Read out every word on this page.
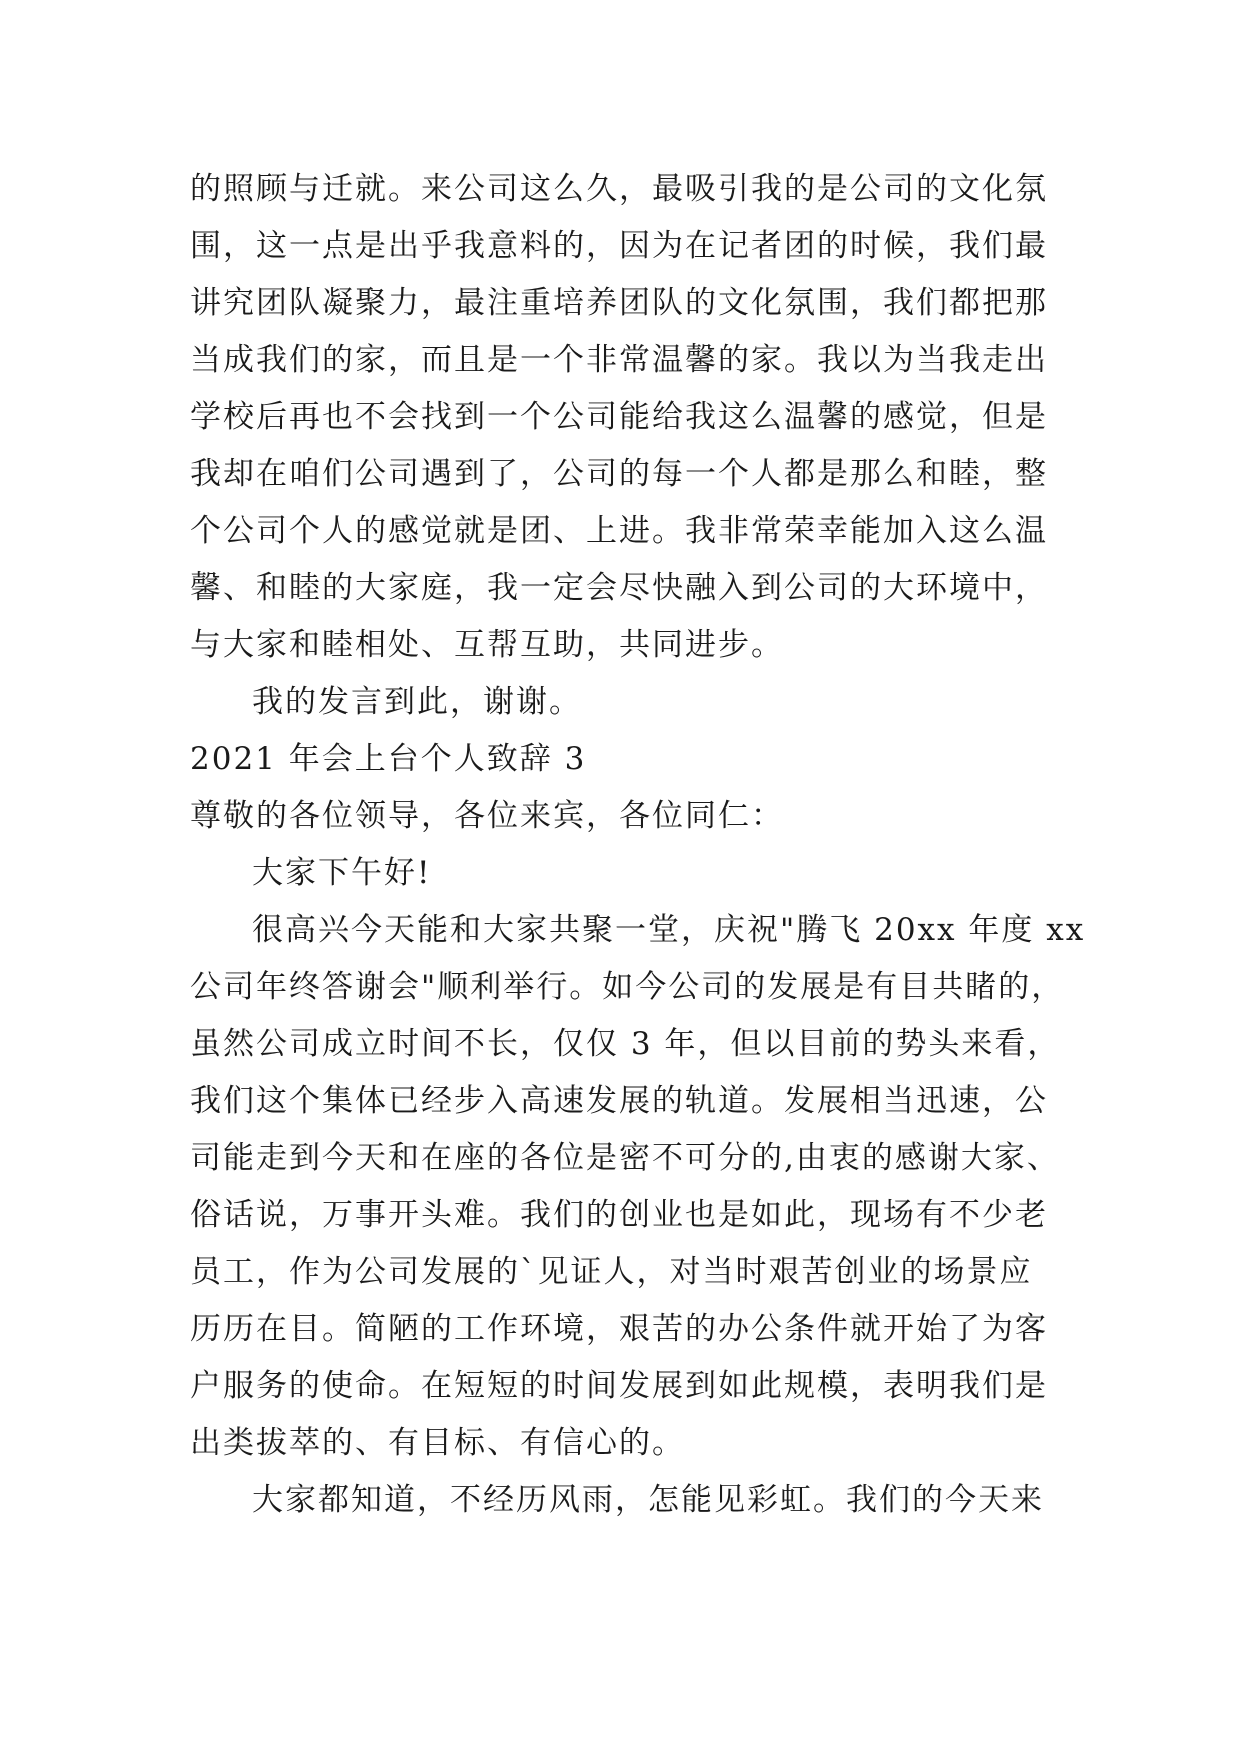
的照顾与迁就。来公司这么久，最吸引我的是公司的文化氛
围，这一点是出乎我意料的，因为在记者团的时候，我们最
讲究团队凝聚力，最注重培养团队的文化氛围，我们都把那
当成我们的家，而且是一个非常温馨的家。我以为当我走出
学校后再也不会找到一个公司能给我这么温馨的感觉，但是
我却在咱们公司遇到了，公司的每一个人都是那么和睦，整
个公司个人的感觉就是团、上进。我非常荣幸能加入这么温
馨、和睦的大家庭，我一定会尽快融入到公司的大环境中，
与大家和睦相处、互帮互助，共同进步。
我的发言到此，谢谢。
2021 年会上台个人致辞 3
尊敬的各位领导，各位来宾，各位同仁：
大家下午好!
很高兴今天能和大家共聚一堂，庆祝"腾飞 20xx 年度 xx
公司年终答谢会"顺利举行。如今公司的发展是有目共睹的，
虽然公司成立时间不长，仅仅 3 年，但以目前的势头来看，
我们这个集体已经步入高速发展的轨道。发展相当迅速，公
司能走到今天和在座的各位是密不可分的,由衷的感谢大家、
俗话说，万事开头难。我们的创业也是如此，现场有不少老
员工，作为公司发展的`见证人，对当时艰苦创业的场景应
历历在目。简陋的工作环境，艰苦的办公条件就开始了为客
户服务的使命。在短短的时间发展到如此规模，表明我们是
出类拔萃的、有目标、有信心的。
大家都知道，不经历风雨，怎能见彩虹。我们的今天来
